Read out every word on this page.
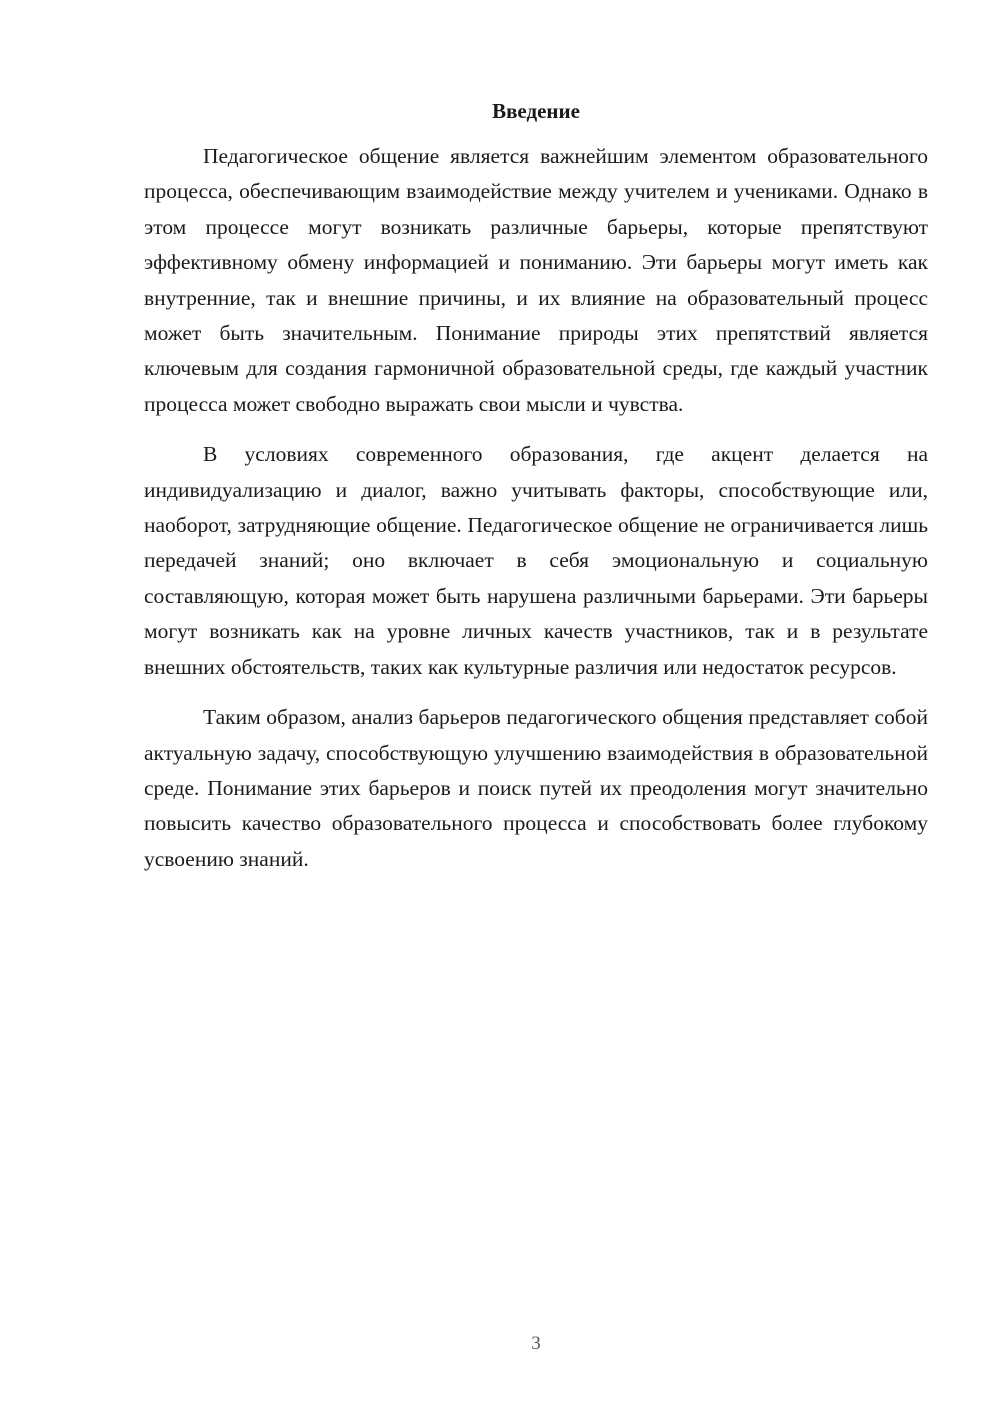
Введение

Педагогическое общение является важнейшим элементом образовательного процесса, обеспечивающим взаимодействие между учителем и учениками. Однако в этом процессе могут возникать различные барьеры, которые препятствуют эффективному обмену информацией и пониманию. Эти барьеры могут иметь как внутренние, так и внешние причины, и их влияние на образовательный процесс может быть значительным. Понимание природы этих препятствий является ключевым для создания гармоничной образовательной среды, где каждый участник процесса может свободно выражать свои мысли и чувства.

В условиях современного образования, где акцент делается на индивидуализацию и диалог, важно учитывать факторы, способствующие или, наоборот, затрудняющие общение. Педагогическое общение не ограничивается лишь передачей знаний; оно включает в себя эмоциональную и социальную составляющую, которая может быть нарушена различными барьерами. Эти барьеры могут возникать как на уровне личных качеств участников, так и в результате внешних обстоятельств, таких как культурные различия или недостаток ресурсов.

Таким образом, анализ барьеров педагогического общения представляет собой актуальную задачу, способствующую улучшению взаимодействия в образовательной среде. Понимание этих барьеров и поиск путей их преодоления могут значительно повысить качество образовательного процесса и способствовать более глубокому усвоению знаний.

3
